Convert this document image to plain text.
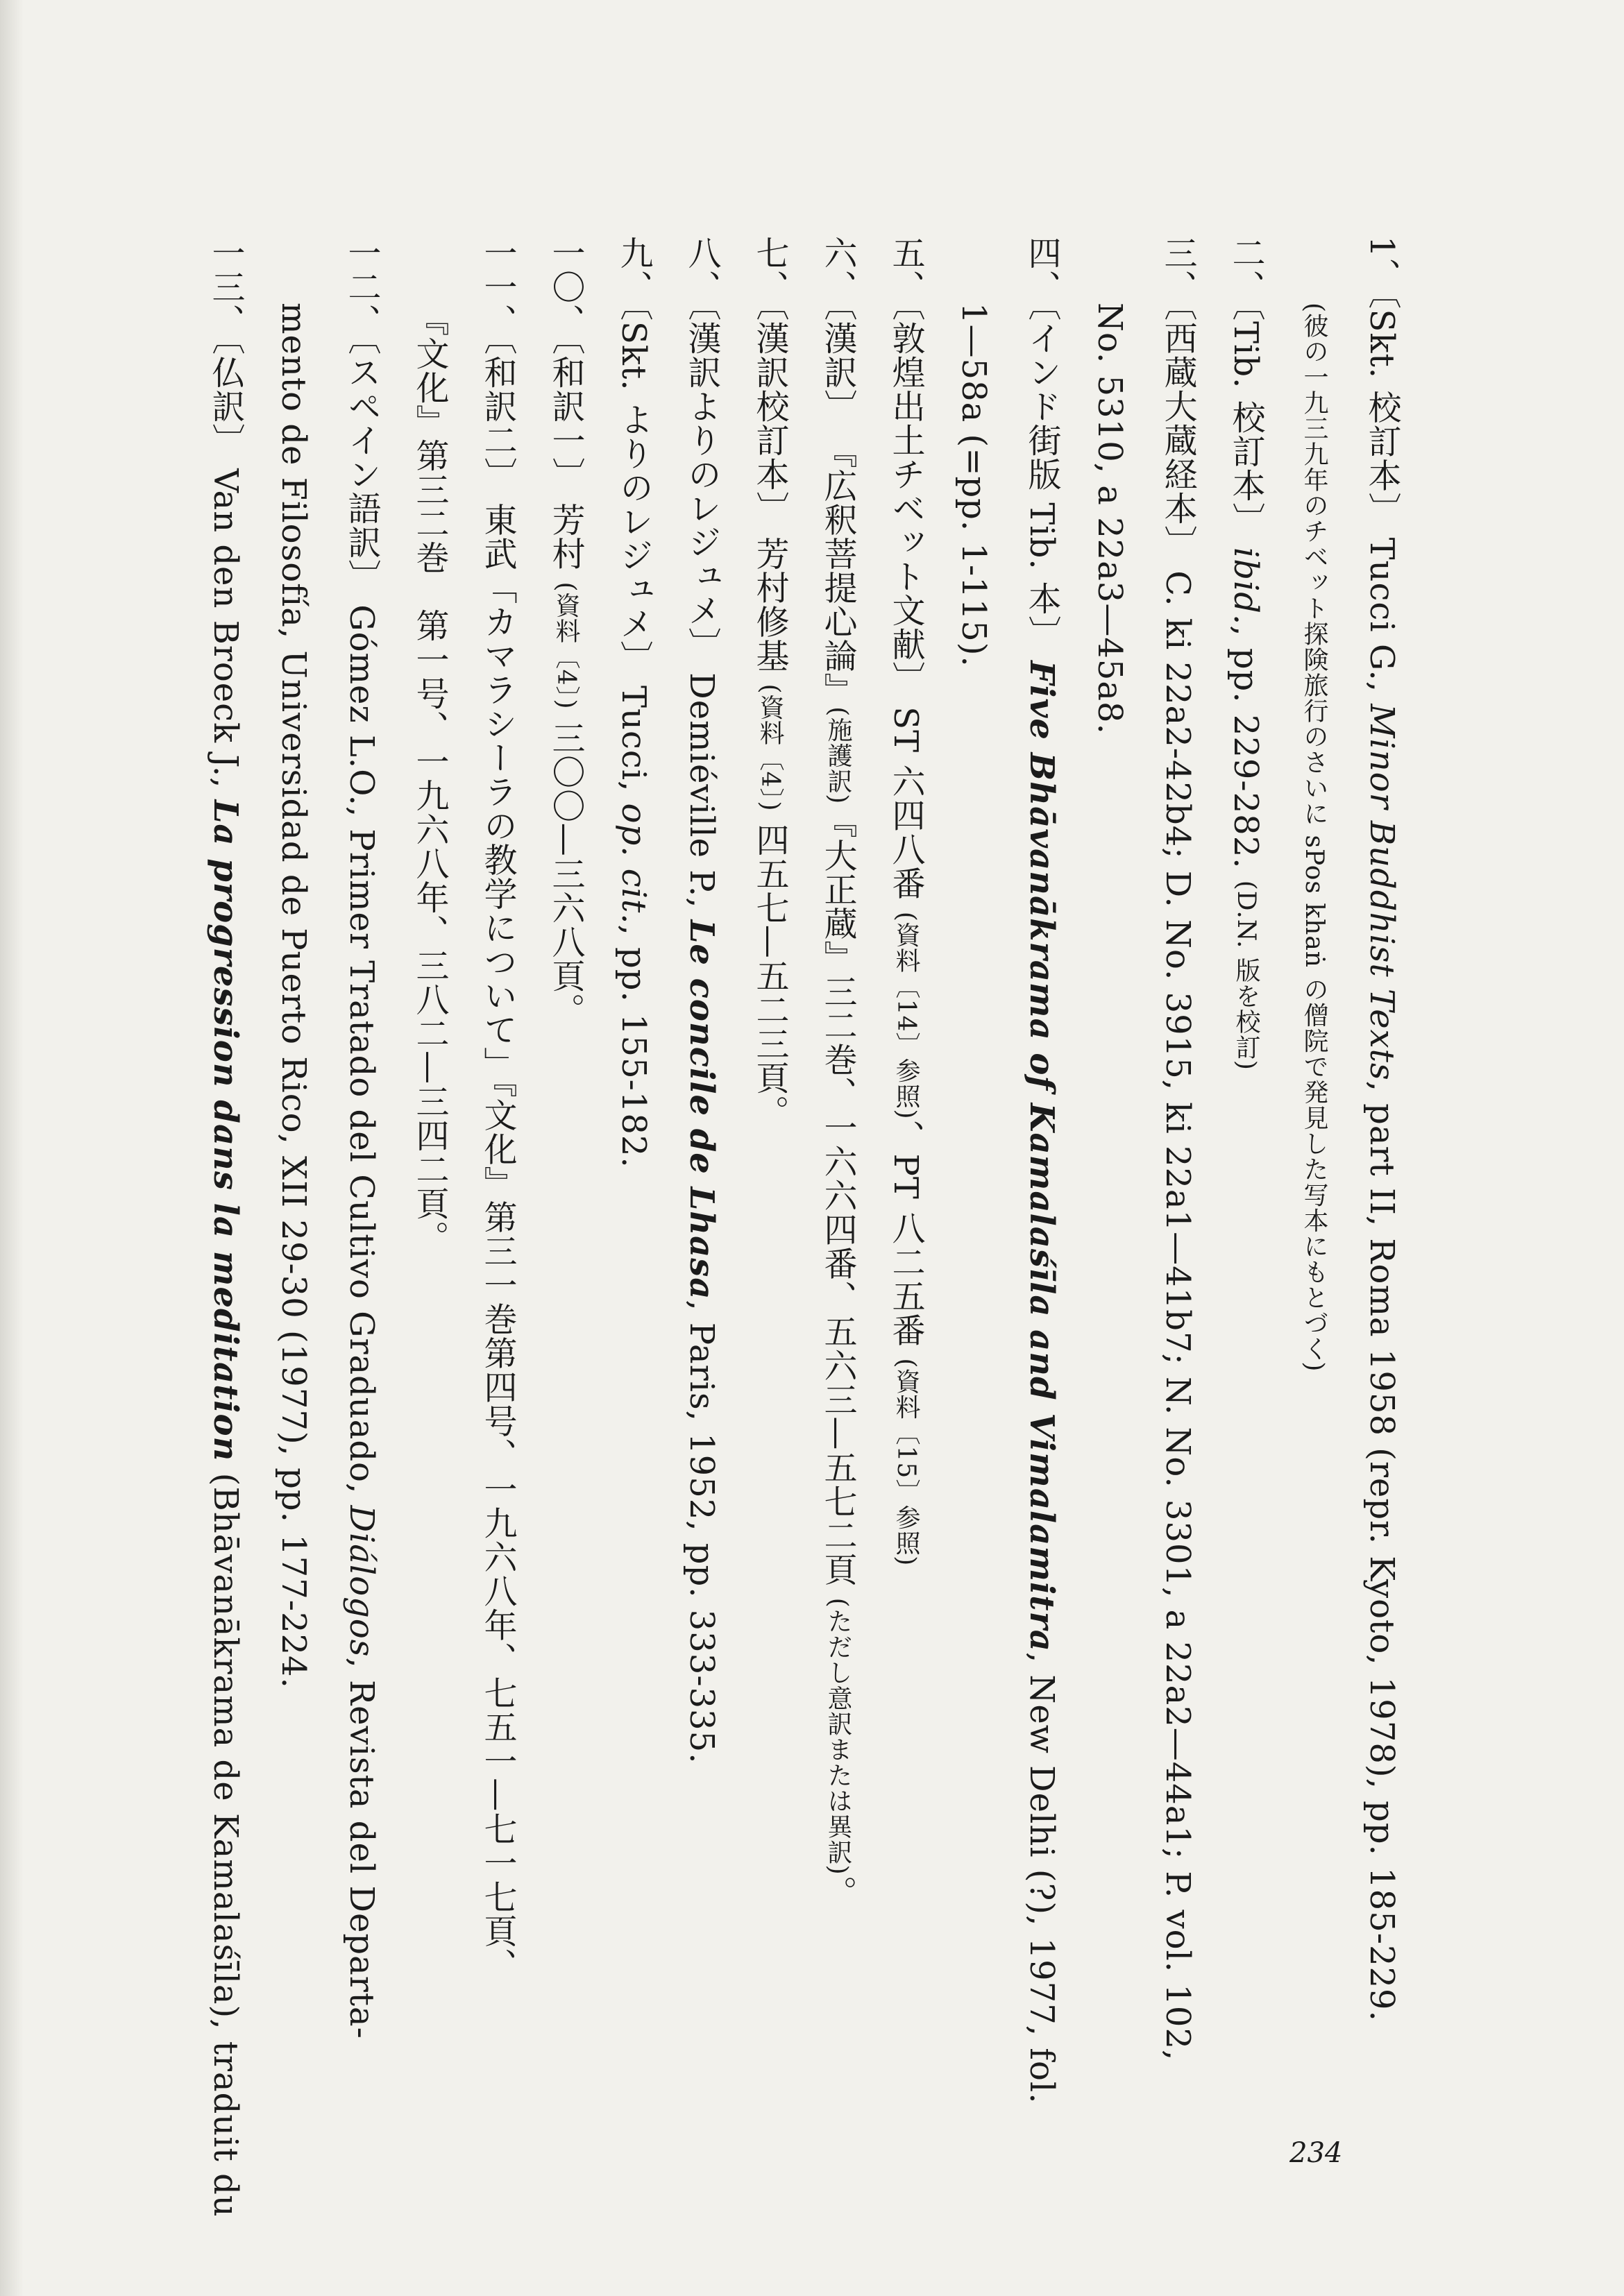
1、〔Skt. 校訂本〕 Tucci G., Minor Buddhist Texts, part II, Roma 1958 (repr. Kyoto, 1978), pp. 185-229.
(彼の一九三九年のチベット探険旅行のさいに sPos khaṅ の僧院で発見した写本にもとづく)
二、〔Tib. 校訂本〕 ibid., pp. 229-282. (D.N. 版を校訂)
三、〔西蔵大蔵経本〕 C. ki 22a2-42b4; D. No. 3915, ki 22a1—41b7; N. No. 3301, a 22a2—44a1; P. vol. 102,
No. 5310, a 22a3—45a8.
四、〔インド街版 Tib. 本〕 Five Bhāvanākrama of Kamalaśīla and Vimalamitra, New Delhi (?), 1977, fol.
1—58a (=pp. 1-115).
五、〔敦煌出土チベット文献〕 ST 六四八番 (資料〔14〕参照)、PT 八二五番 (資料〔15〕参照)
六、〔漢訳〕 『広釈菩提心論』(施護訳)『大正蔵』三二巻、一六六四番、五六三—五七二頁 (ただし意訳または異訳)。
七、〔漢訳校訂本〕 芳村修基 (資料〔4〕) 四五七—五二三頁。
八、〔漢訳よりのレジュメ〕 Demiéville P., Le concile de Lhasa, Paris, 1952, pp. 333-335.
九、〔Skt. よりのレジュメ〕 Tucci, op. cit., pp. 155-182.
一〇、〔和訳一〕 芳村 (資料〔4〕) 三〇〇—三六八頁。
一一、〔和訳二〕 東武「カマラシーラの教学について」『文化』第三一巻第四号、一九六八年、七五一—七一七頁、
『文化』第三二巻　第一号、一九六八年、三八二—三四二頁。
一二、〔スペイン語訳〕 Gómez L.O., Primer Tratado del Cultivo Graduado, Diálogos, Revista del Departa-
mento de Filosofía, Universidad de Puerto Rico, XII 29-30 (1977), pp. 177-224.
一三、〔仏訳〕 Van den Broeck J., La progression dans la meditation (Bhāvanākrama de Kamalaśīla), traduit du	234
